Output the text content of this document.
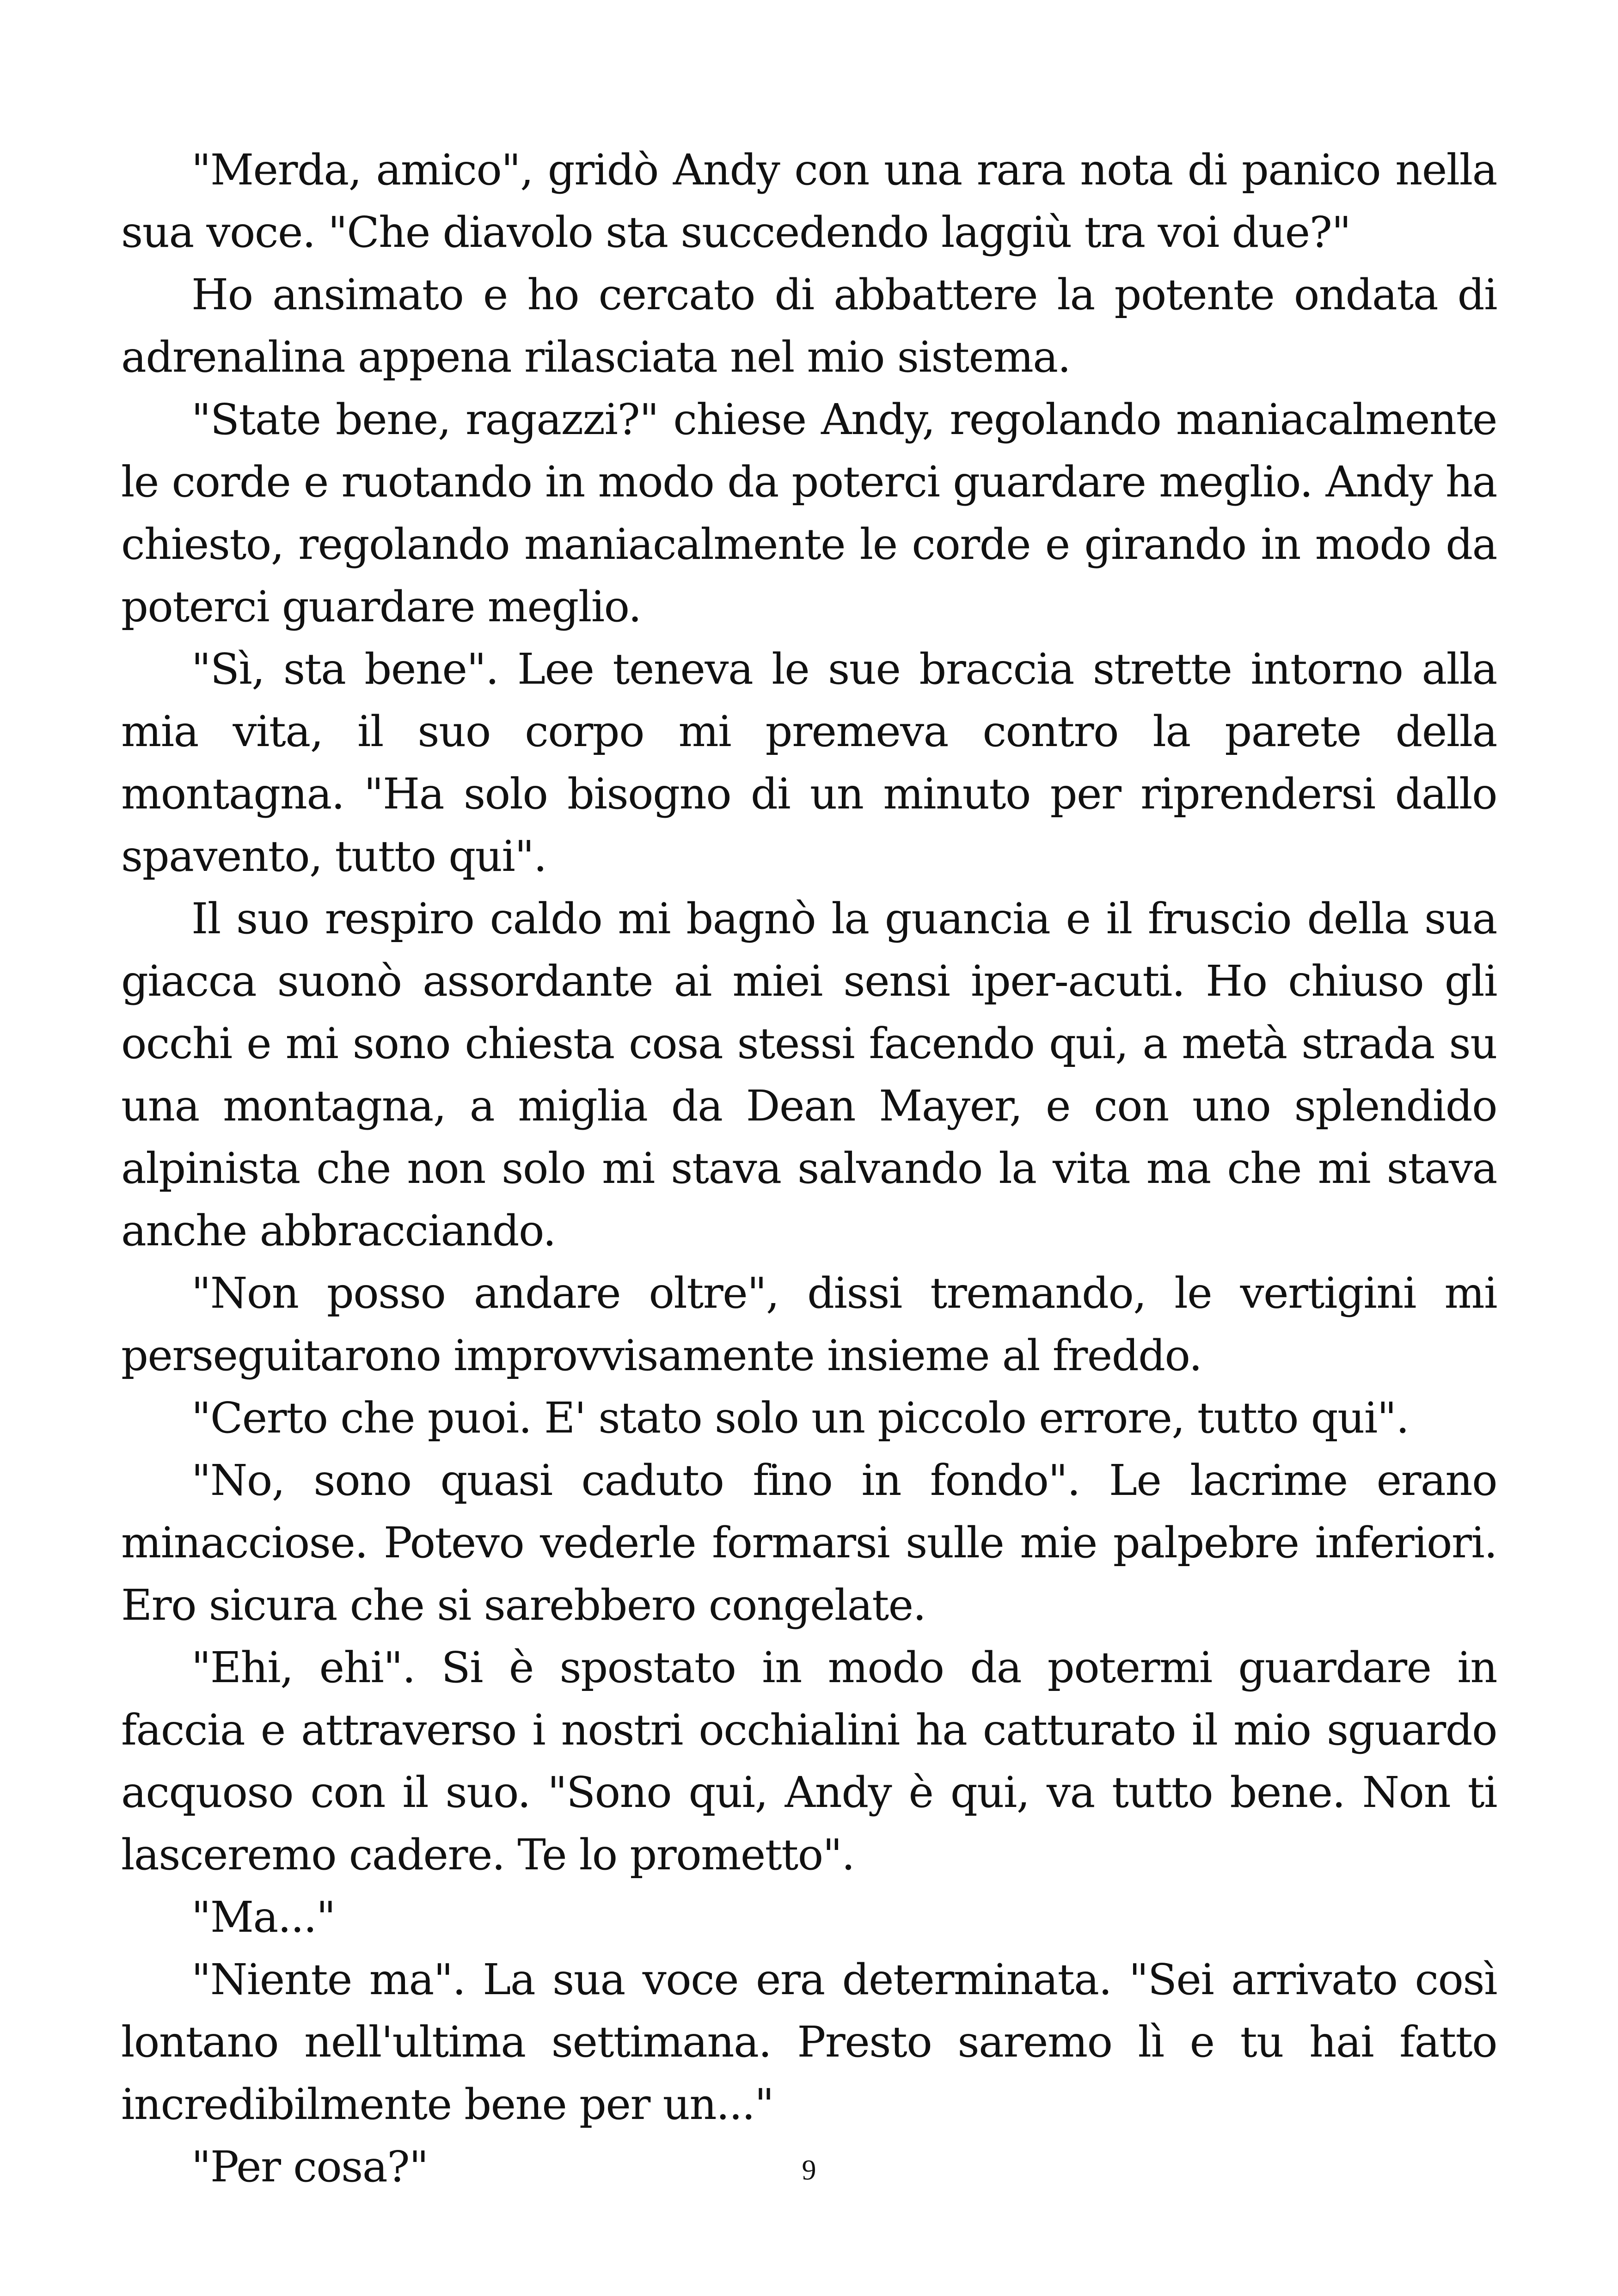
"Merda, amico", gridò Andy con una rara nota di panico nella sua voce. "Che diavolo sta succedendo laggiù tra voi due?"

Ho ansimato e ho cercato di abbattere la potente ondata di adrenalina appena rilasciata nel mio sistema.

"State bene, ragazzi?" chiese Andy, regolando maniacalmente le corde e ruotando in modo da poterci guardare meglio. Andy ha chiesto, regolando maniacalmente le corde e girando in modo da poterci guardare meglio.

"Sì, sta bene". Lee teneva le sue braccia strette intorno alla mia vita, il suo corpo mi premeva contro la parete della montagna. "Ha solo bisogno di un minuto per riprendersi dallo spavento, tutto qui".

Il suo respiro caldo mi bagnò la guancia e il fruscio della sua giacca suonò assordante ai miei sensi iper-acuti. Ho chiuso gli occhi e mi sono chiesta cosa stessi facendo qui, a metà strada su una montagna, a miglia da Dean Mayer, e con uno splendido alpinista che non solo mi stava salvando la vita ma che mi stava anche abbracciando.

"Non posso andare oltre", dissi tremando, le vertigini mi perseguitarono improvvisamente insieme al freddo.

"Certo che puoi. E' stato solo un piccolo errore, tutto qui".

"No, sono quasi caduto fino in fondo". Le lacrime erano minacciose. Potevo vederle formarsi sulle mie palpebre inferiori. Ero sicura che si sarebbero congelate.

"Ehi, ehi". Si è spostato in modo da potermi guardare in faccia e attraverso i nostri occhialini ha catturato il mio sguardo acquoso con il suo. "Sono qui, Andy è qui, va tutto bene. Non ti lasceremo cadere. Te lo prometto".

"Ma..."

"Niente ma". La sua voce era determinata. "Sei arrivato così lontano nell'ultima settimana. Presto saremo lì e tu hai fatto incredibilmente bene per un..."

"Per cosa?"	9
